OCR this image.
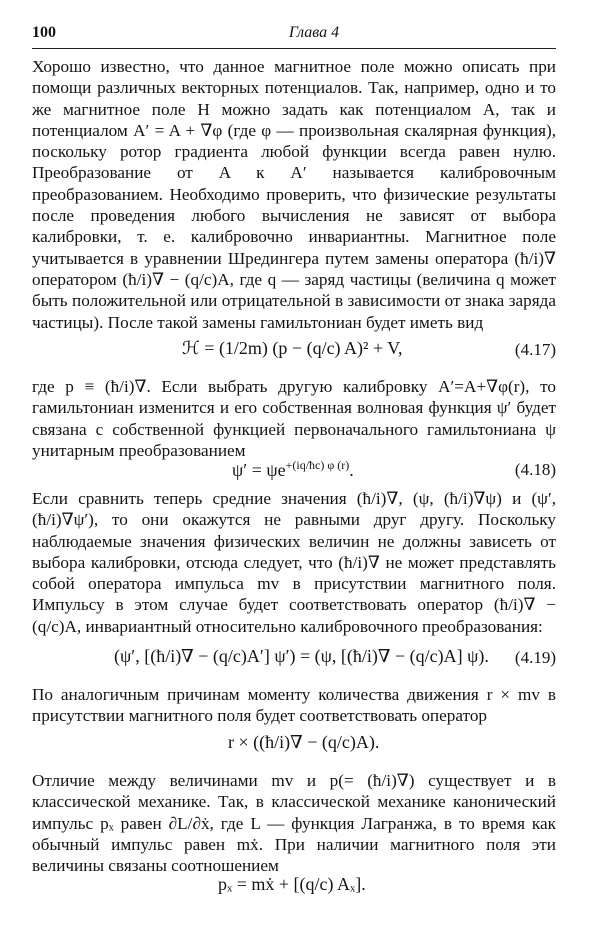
100	Глава 4

Хорошо известно, что данное магнитное поле можно описать при помощи различных векторных потенциалов. Так, например, одно и то же магнитное поле H можно задать как потенциалом A, так и потенциалом A′ = A + ∇φ (где φ — произвольная скалярная функция), поскольку ротор градиента любой функции всегда равен нулю. Преобразование от A к A′ называется калибровочным преобразованием. Необходимо проверить, что физические результаты после проведения любого вычисления не зависят от выбора калибровки, т. е. калибровочно инвариантны. Магнитное поле учитывается в уравнении Шредингера путем замены оператора (ħ/i)∇ оператором (ħ/i)∇ − (q/c)A, где q — заряд частицы (величина q может быть положительной или отрицательной в зависимости от знака заряда частицы). После такой замены гамильтониан будет иметь вид

ℋ = (1/2m) (p − (q/c) A)² + V,	(4.17)

где p ≡ (ħ/i)∇. Если выбрать другую калибровку A′=A+∇φ(r), то гамильтониан изменится и его собственная волновая функция ψ′ будет связана с собственной функцией первоначального гамильтониана ψ унитарным преобразованием

$\psi' = \psi e^{+(iq/ħc) \varphi (r)}$.	(4.18)

Если сравнить теперь средние значения (ħ/i)∇, (ψ, (ħ/i)∇ψ) и (ψ′, (ħ/i)∇ψ′), то они окажутся не равными друг другу. Поскольку наблюдаемые значения физических величин не должны зависеть от выбора калибровки, отсюда следует, что (ħ/i)∇ не может представлять собой оператора импульса mv в присутствии магнитного поля. Импульсу в этом случае будет соответствовать оператор (ħ/i)∇ − (q/c)A, инвариантный относительно калибровочного преобразования:

(ψ′, [(ħ/i)∇ − (q/c)A′] ψ′) = (ψ, [(ħ/i)∇ − (q/c)A] ψ). (4.19)

По аналогичным причинам моменту количества движения r × mv в присутствии магнитного поля будет соответствовать оператор

r × ((ħ/i)∇ − (q/c)A).

Отличие между величинами mv и p(= (ħ/i)∇) существует и в классической механике. Так, в классической механике канонический импульс pₓ равен ∂L/∂ẋ, где L — функция Лагранжа, в то время как обычный импульс равен mẋ. При наличии магнитного поля эти величины связаны соотношением

pₓ = mẋ + [(q/c) Aₓ].
